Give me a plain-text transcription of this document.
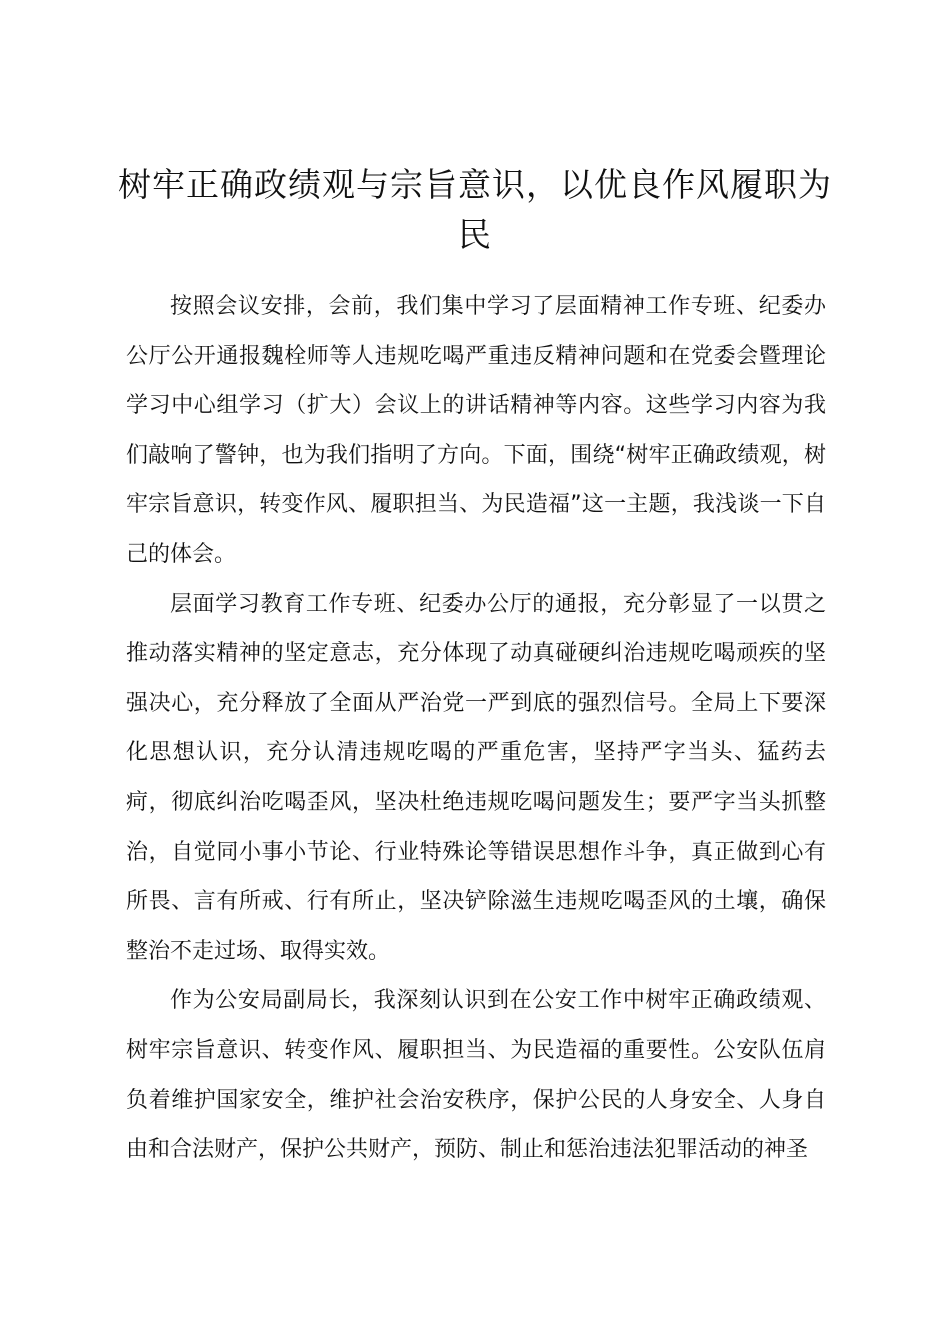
树牢正确政绩观与宗旨意识，以优良作风履职为民

按照会议安排，会前，我们集中学习了层面精神工作专班、纪委办公厅公开通报魏栓师等人违规吃喝严重违反精神问题和在党委会暨理论学习中心组学习（扩大）会议上的讲话精神等内容。这些学习内容为我们敲响了警钟，也为我们指明了方向。下面，围绕“树牢正确政绩观，树牢宗旨意识，转变作风、履职担当、为民造福”这一主题，我浅谈一下自己的体会。

层面学习教育工作专班、纪委办公厅的通报，充分彰显了一以贯之推动落实精神的坚定意志，充分体现了动真碰硬纠治违规吃喝顽疾的坚强决心，充分释放了全面从严治党一严到底的强烈信号。全局上下要深化思想认识，充分认清违规吃喝的严重危害，坚持严字当头、猛药去疴，彻底纠治吃喝歪风，坚决杜绝违规吃喝问题发生；要严字当头抓整治，自觉同小事小节论、行业特殊论等错误思想作斗争，真正做到心有所畏、言有所戒、行有所止，坚决铲除滋生违规吃喝歪风的土壤，确保整治不走过场、取得实效。

作为公安局副局长，我深刻认识到在公安工作中树牢正确政绩观、树牢宗旨意识、转变作风、履职担当、为民造福的重要性。公安队伍肩负着维护国家安全，维护社会治安秩序，保护公民的人身安全、人身自由和合法财产，保护公共财产，预防、制止和惩治违法犯罪活动的神圣
